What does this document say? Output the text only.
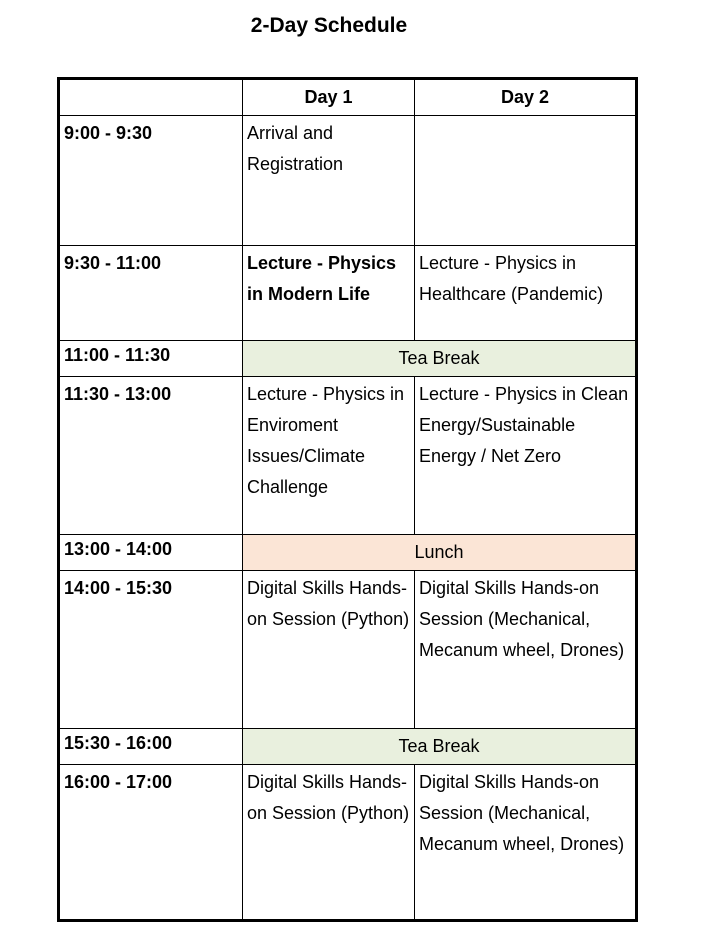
2-Day Schedule
	Day 1	Day 2
9:00 - 9:30	Arrival and Registration	
9:30 - 11:00	Lecture - Physics in Modern Life	Lecture - Physics in Healthcare (Pandemic)
11:00 - 11:30	Tea Break	
11:30 - 13:00	Lecture - Physics in Enviroment Issues/Climate Challenge	Lecture - Physics in Clean Energy/Sustainable Energy / Net Zero
13:00 - 14:00	Lunch	
14:00 - 15:30	Digital Skills Hands-on Session (Python)	Digital Skills Hands-on Session (Mechanical, Mecanum wheel, Drones)
15:30 - 16:00	Tea Break	
16:00 - 17:00	Digital Skills Hands-on Session (Python)	Digital Skills Hands-on Session (Mechanical, Mecanum wheel, Drones)
